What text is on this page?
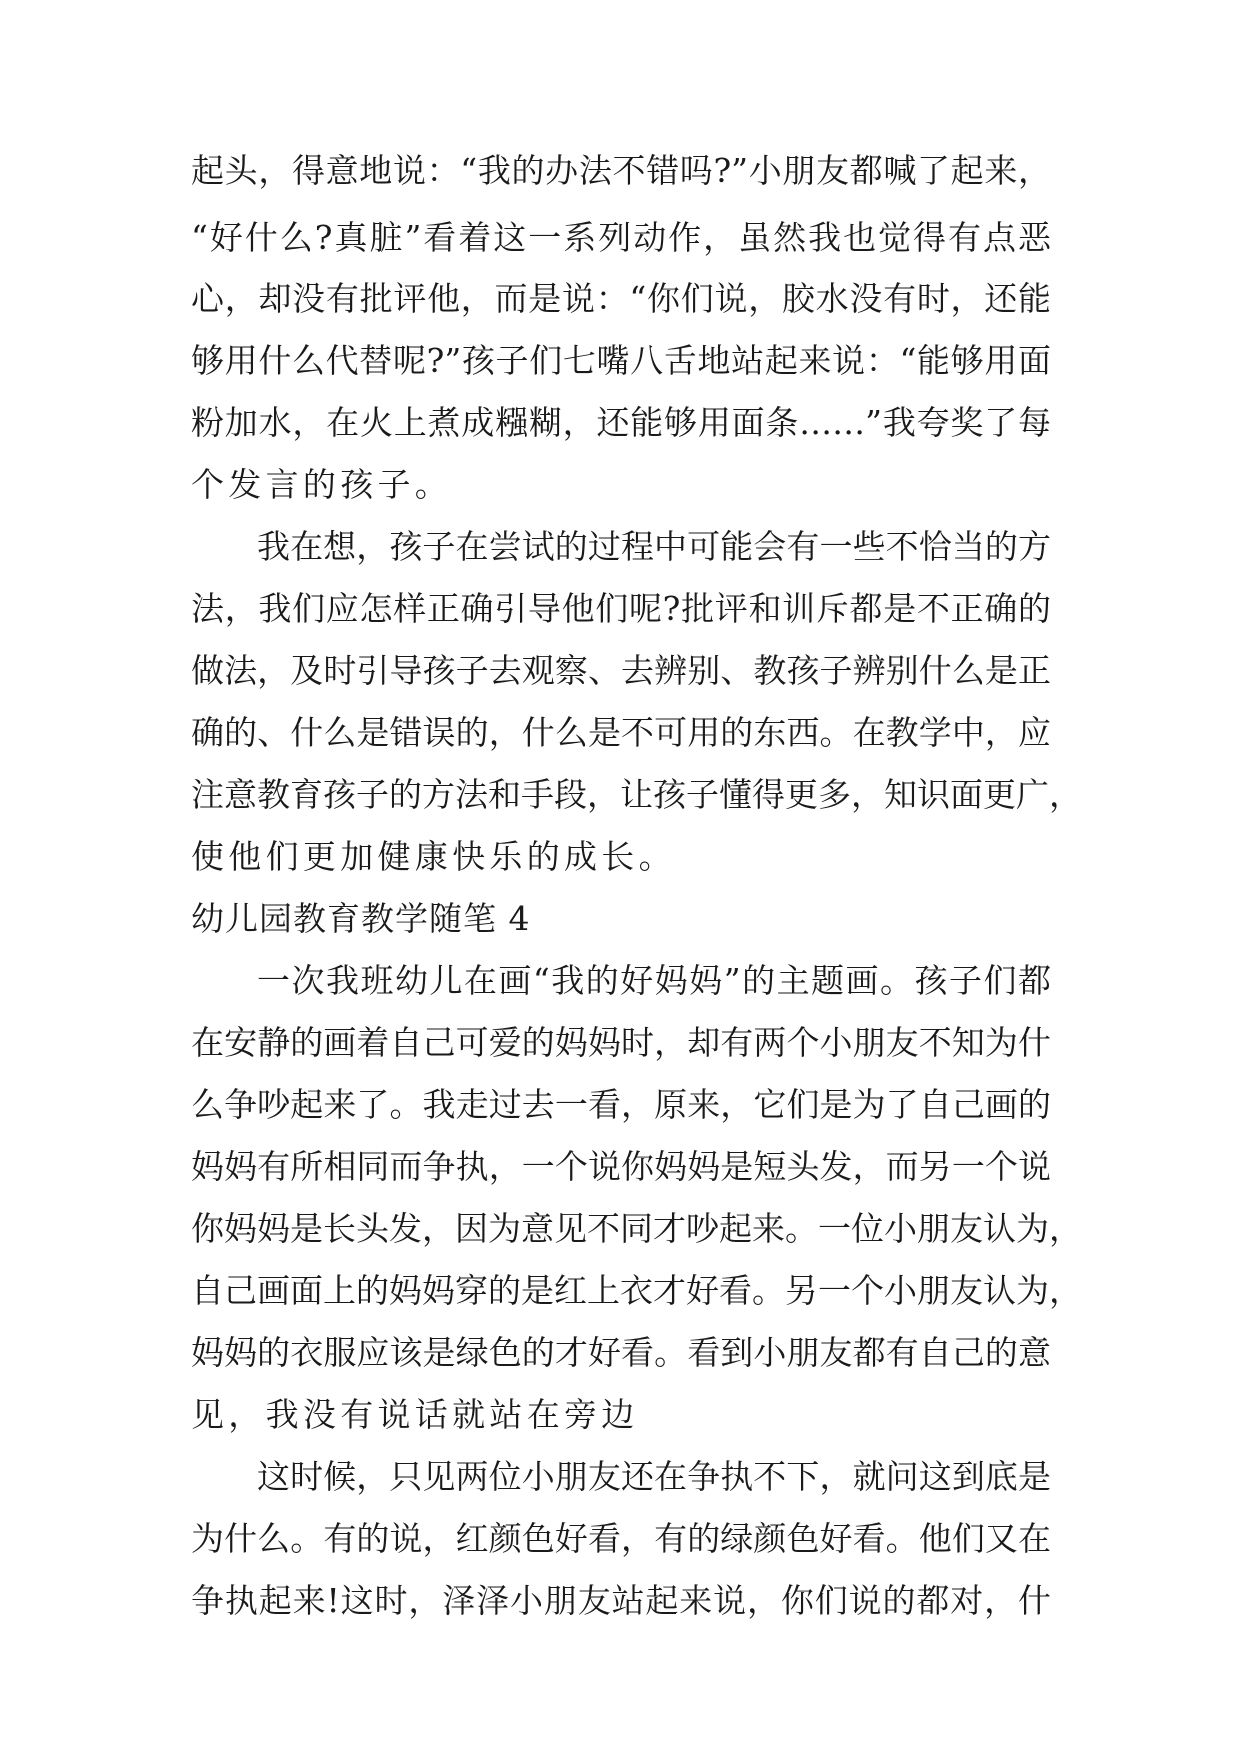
起头，得意地说：“我的办法不错吗?”小朋友都喊了起来，
“好什么?真脏”看着这一系列动作，虽然我也觉得有点恶
心，却没有批评他，而是说：“你们说，胶水没有时，还能
够用什么代替呢?”孩子们七嘴八舌地站起来说：“能够用面
粉加水，在火上煮成糨糊，还能够用面条……”我夸奖了每
个发言的孩子。
我在想，孩子在尝试的过程中可能会有一些不恰当的方
法，我们应怎样正确引导他们呢?批评和训斥都是不正确的
做法，及时引导孩子去观察、去辨别、教孩子辨别什么是正
确的、什么是错误的，什么是不可用的东西。在教学中，应
注意教育孩子的方法和手段，让孩子懂得更多，知识面更广，
使他们更加健康快乐的成长。
幼儿园教育教学随笔 4
一次我班幼儿在画“我的好妈妈”的主题画。孩子们都
在安静的画着自己可爱的妈妈时，却有两个小朋友不知为什
么争吵起来了。我走过去一看，原来，它们是为了自己画的
妈妈有所相同而争执，一个说你妈妈是短头发，而另一个说
你妈妈是长头发，因为意见不同才吵起来。一位小朋友认为，
自己画面上的妈妈穿的是红上衣才好看。另一个小朋友认为，
妈妈的衣服应该是绿色的才好看。看到小朋友都有自己的意
见，我没有说话就站在旁边
这时候，只见两位小朋友还在争执不下，就问这到底是
为什么。有的说，红颜色好看，有的绿颜色好看。他们又在
争执起来!这时，泽泽小朋友站起来说，你们说的都对，什
